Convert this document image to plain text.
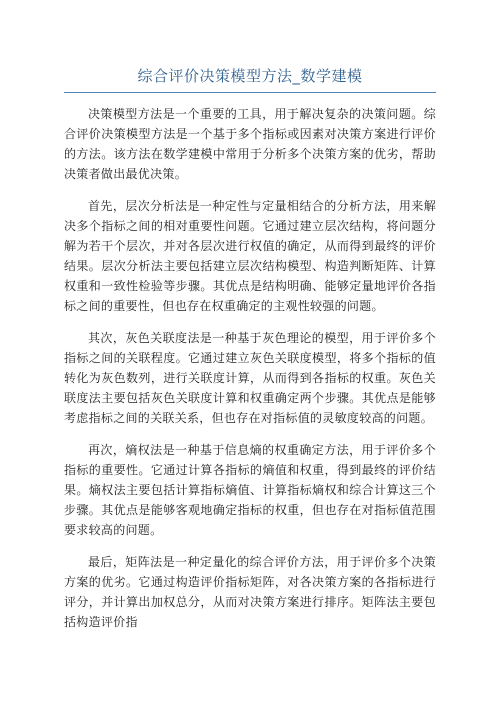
综合评价决策模型方法_数学建模

决策模型方法是一个重要的工具，用于解决复杂的决策问题。综合评价决策模型方法是一个基于多个指标或因素对决策方案进行评价的方法。该方法在数学建模中常用于分析多个决策方案的优劣，帮助决策者做出最优决策。

首先，层次分析法是一种定性与定量相结合的分析方法，用来解决多个指标之间的相对重要性问题。它通过建立层次结构，将问题分解为若干个层次，并对各层次进行权值的确定，从而得到最终的评价结果。层次分析法主要包括建立层次结构模型、构造判断矩阵、计算权重和一致性检验等步骤。其优点是结构明确、能够定量地评价各指标之间的重要性，但也存在权重确定的主观性较强的问题。

其次，灰色关联度法是一种基于灰色理论的模型，用于评价多个指标之间的关联程度。它通过建立灰色关联度模型，将多个指标的值转化为灰色数列，进行关联度计算，从而得到各指标的权重。灰色关联度法主要包括灰色关联度计算和权重确定两个步骤。其优点是能够考虑指标之间的关联关系，但也存在对指标值的灵敏度较高的问题。

再次，熵权法是一种基于信息熵的权重确定方法，用于评价多个指标的重要性。它通过计算各指标的熵值和权重，得到最终的评价结果。熵权法主要包括计算指标熵值、计算指标熵权和综合计算这三个步骤。其优点是能够客观地确定指标的权重，但也存在对指标值范围要求较高的问题。

最后，矩阵法是一种定量化的综合评价方法，用于评价多个决策方案的优劣。它通过构造评价指标矩阵，对各决策方案的各指标进行评分，并计算出加权总分，从而对决策方案进行排序。矩阵法主要包括构造评价指
